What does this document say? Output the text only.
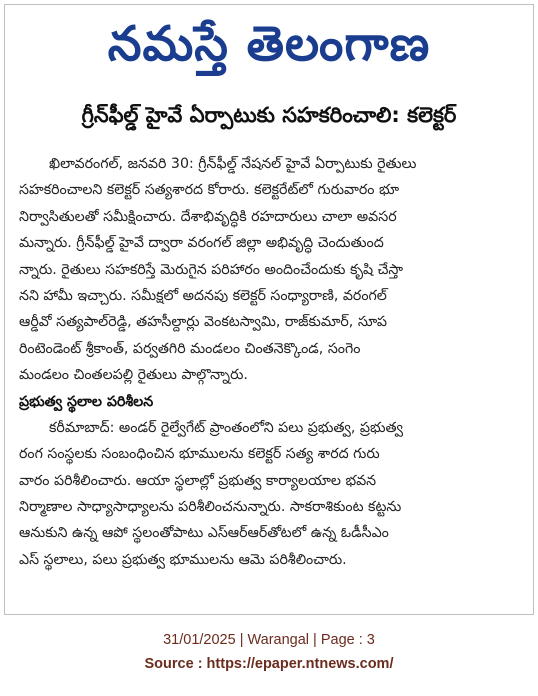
నమస్తే తెలంగాణ
గ్రీన్‌ఫీల్డ్ హైవే ఏర్పాటుకు సహకరించాలి: కలెక్టర్
ఖిలావరంగల్, జనవరి 30: గ్రీన్‌ఫీల్డ్ నేషనల్ హైవే ఏర్పాటుకు రైతులు
సహకరించాలని కలెక్టర్ సత్యశారద కోరారు. కలెక్టరేట్‌లో గురువారం భూ
నిర్వాసితులతో సమీక్షించారు. దేశాభివృద్ధికి రహదారులు చాలా అవసర
మన్నారు. గ్రీన్‌ఫీల్డ్ హైవే ద్వారా వరంగల్ జిల్లా అభివృద్ధి చెందుతుంద
న్నారు. రైతులు సహకరిస్తే మెరుగైన పరిహారం అందించేందుకు కృషి చేస్తా
నని హామీ ఇచ్చారు. సమీక్షలో అదనపు కలెక్టర్ సంధ్యారాణి, వరంగల్
ఆర్డీవో సత్యపాల్‌రెడ్డి, తహసీల్దార్లు వెంకటస్వామి, రాజ్‌కుమార్, సూప
రింటెండెంట్ శ్రీకాంత్, పర్వతగిరి మండలం చింతనెక్కొండ, సంగెం
మండలం చింతలపల్లి రైతులు పాల్గొన్నారు.
ప్రభుత్వ స్థలాల పరిశీలన
కరీమాబాద్: అండర్ రైల్వేగేట్ ప్రాంతంలోని పలు ప్రభుత్వ, ప్రభుత్వ
రంగ సంస్థలకు సంబంధించిన భూములను కలెక్టర్ సత్య శారద గురు
వారం పరిశీలించారు. ఆయా స్థలాల్లో ప్రభుత్వ కార్యాలయాల భవన
నిర్మాణాల సాధ్యాసాధ్యాలను పరిశీలించనున్నారు. సాకరాశికుంట కట్టను
ఆనుకుని ఉన్న ఆపో స్థలంతోపాటు ఎస్‌ఆర్‌ఆర్‌తోటలో ఉన్న ఓడీసీఎం
ఎస్ స్థలాలు, పలు ప్రభుత్వ భూములను ఆమె పరిశీలించారు.
31/01/2025 | Warangal | Page : 3
Source : https://epaper.ntnews.com/
